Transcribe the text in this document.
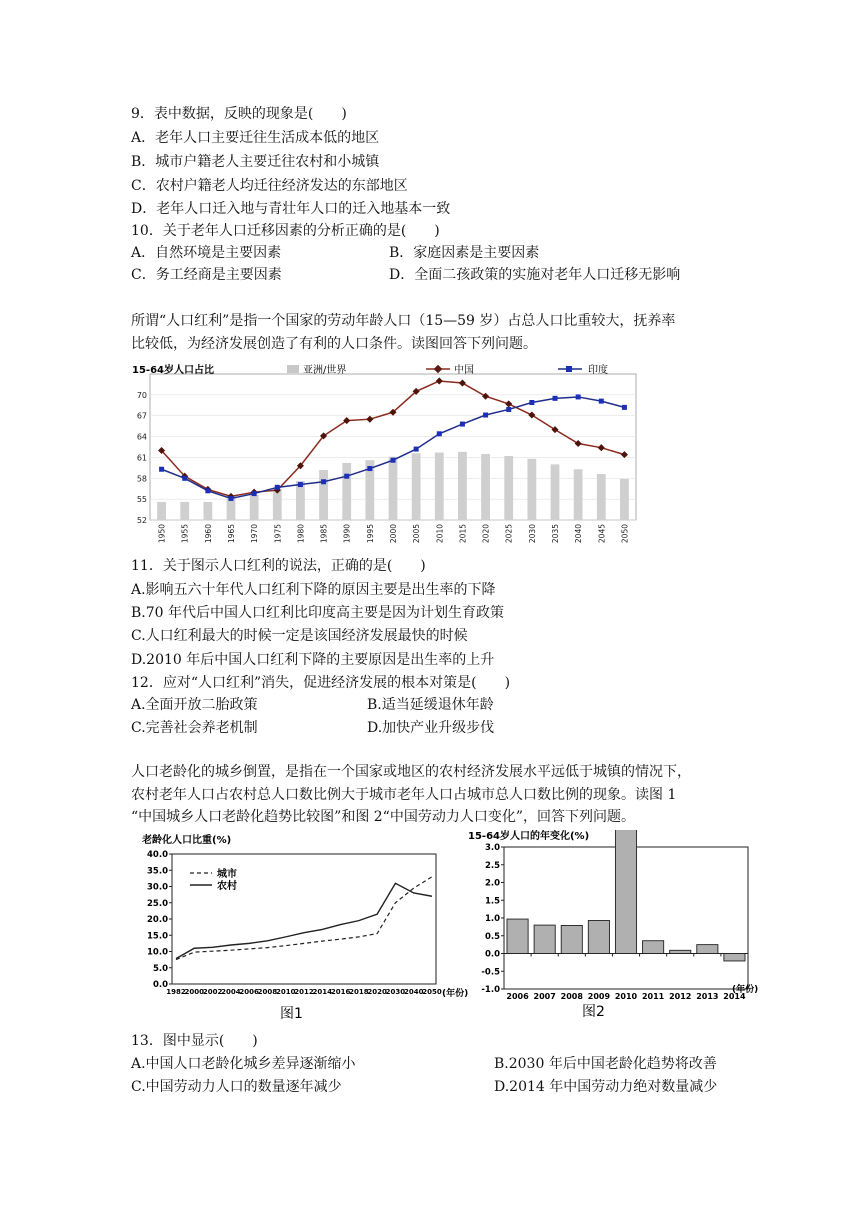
9．表中数据，反映的现象是(　　)
A．老年人口主要迁往生活成本低的地区
B．城市户籍老人主要迁往农村和小城镇
C．农村户籍老人均迁往经济发达的东部地区
D．老年人口迁入地与青壮年人口的迁入地基本一致
10．关于老年人口迁移因素的分析正确的是(　　)
A．自然环境是主要因素	B．家庭因素是主要因素
C．务工经商是主要因素	D．全面二孩政策的实施对老年人口迁移无影响
所谓“人口红利”是指一个国家的劳动年龄人口（15—59 岁）占总人口比重较大，抚养率
比较低，为经济发展创造了有利的人口条件。读图回答下列问题。
52
55
58
61
64
67
70
1950 1955 1960 1965 1970 1975 1980 1985 1990 1995 2000 2005 2010 2015 2020 2025 2030 2035 2040 2045 2050
15-64岁人口占比	亚洲/世界	中国	印度
11．关于图示人口红利的说法，正确的是(　　)
A.影响五六十年代人口红利下降的原因主要是出生率的下降
B.70 年代后中国人口红利比印度高主要是因为计划生育政策
C.人口红利最大的时候一定是该国经济发展最快的时候
D.2010 年后中国人口红利下降的主要原因是出生率的上升
12．应对“人口红利”消失，促进经济发展的根本对策是(　　)
A.全面开放二胎政策	B.适当延缓退休年龄
C.完善社会养老机制	D.加快产业升级步伐
人口老龄化的城乡倒置，是指在一个国家或地区的农村经济发展水平远低于城镇的情况下，
农村老年人口占农村总人口数比例大于城市老年人口占城市总人口数比例的现象。读图 1
“中国城乡人口老龄化趋势比较图”和图 2“中国劳动力人口变化”，回答下列问题。
老龄化人口比重(%)
0.0
5.0
10.0
15.0
20.0
25.0
30.0
35.0
40.0
1982
2000
2002
2004
2006
2008
2010
2012
2014
2016
2018
2020
2030
2040
2050
城市
农村
(年份)
图1
15-64岁人口的年变化(%)
-1.0
-0.5
0.0
0.5
1.0
1.5
2.0
2.5
3.0
2006 2007 2008 2009 2010 2011 2012 2013 2014
(年份)
图2
13．图中显示(　　)
A.中国人口老龄化城乡差异逐渐缩小	B.2030 年后中国老龄化趋势将改善
C.中国劳动力人口的数量逐年减少	D.2014 年中国劳动力绝对数量减少
